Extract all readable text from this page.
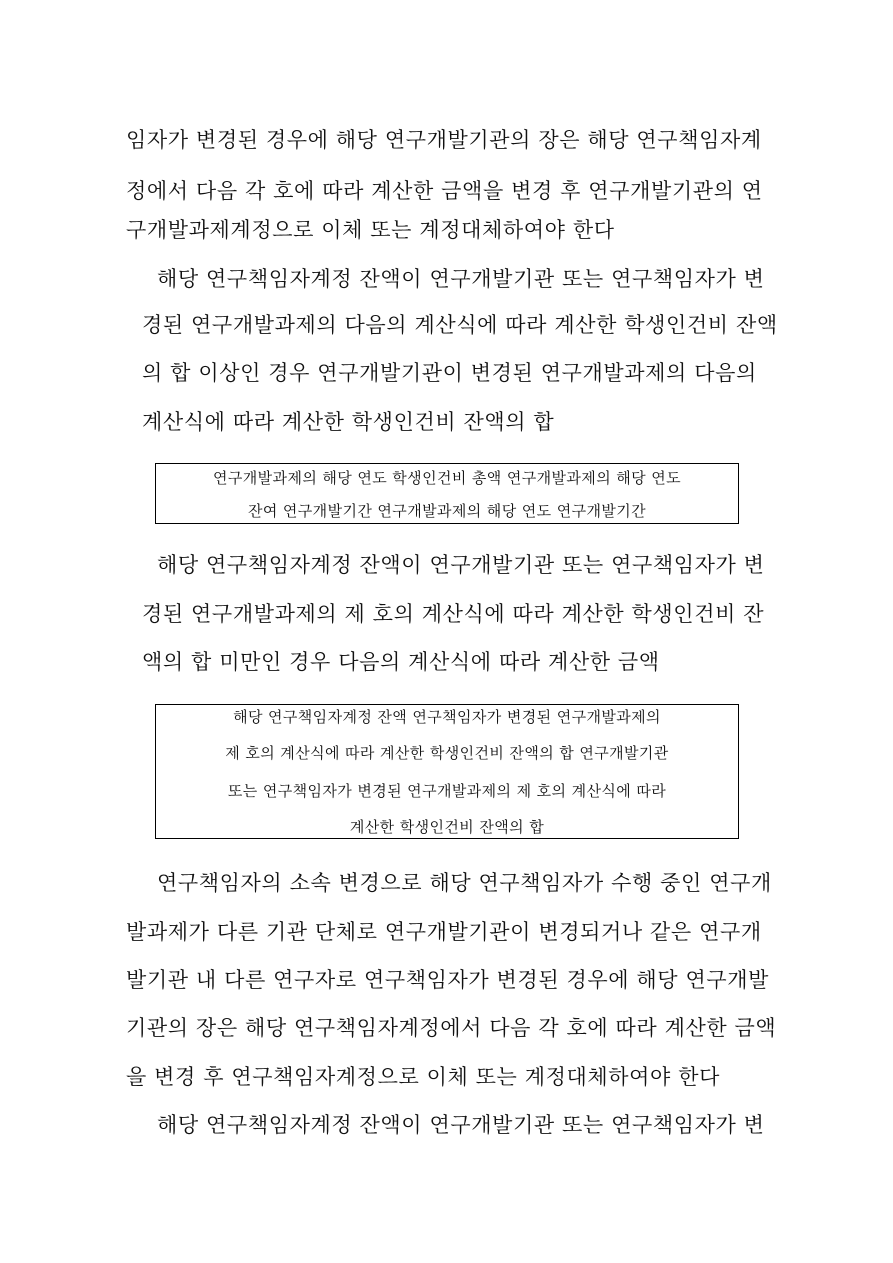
임자가 변경된 경우에 해당 연구개발기관의 장은 해당 연구책임자계
정에서 다음 각 호에 따라 계산한 금액을 변경 후 연구개발기관의 연
구개발과제계정으로 이체 또는 계정대체하여야 한다
해당 연구책임자계정 잔액이 연구개발기관 또는 연구책임자가 변
경된 연구개발과제의 다음의 계산식에 따라 계산한 학생인건비 잔액
의 합 이상인 경우 연구개발기관이 변경된 연구개발과제의 다음의
계산식에 따라 계산한 학생인건비 잔액의 합
연구개발과제의 해당 연도 학생인건비 총액 연구개발과제의 해당 연도
잔여 연구개발기간 연구개발과제의 해당 연도 연구개발기간
해당 연구책임자계정 잔액이 연구개발기관 또는 연구책임자가 변
경된 연구개발과제의 제 호의 계산식에 따라 계산한 학생인건비 잔
액의 합 미만인 경우 다음의 계산식에 따라 계산한 금액
해당 연구책임자계정 잔액 연구책임자가 변경된 연구개발과제의
제 호의 계산식에 따라 계산한 학생인건비 잔액의 합 연구개발기관
또는 연구책임자가 변경된 연구개발과제의 제 호의 계산식에 따라
계산한 학생인건비 잔액의 합
연구책임자의 소속 변경으로 해당 연구책임자가 수행 중인 연구개
발과제가 다른 기관 단체로 연구개발기관이 변경되거나 같은 연구개
발기관 내 다른 연구자로 연구책임자가 변경된 경우에 해당 연구개발
기관의 장은 해당 연구책임자계정에서 다음 각 호에 따라 계산한 금액
을 변경 후 연구책임자계정으로 이체 또는 계정대체하여야 한다
해당 연구책임자계정 잔액이 연구개발기관 또는 연구책임자가 변
